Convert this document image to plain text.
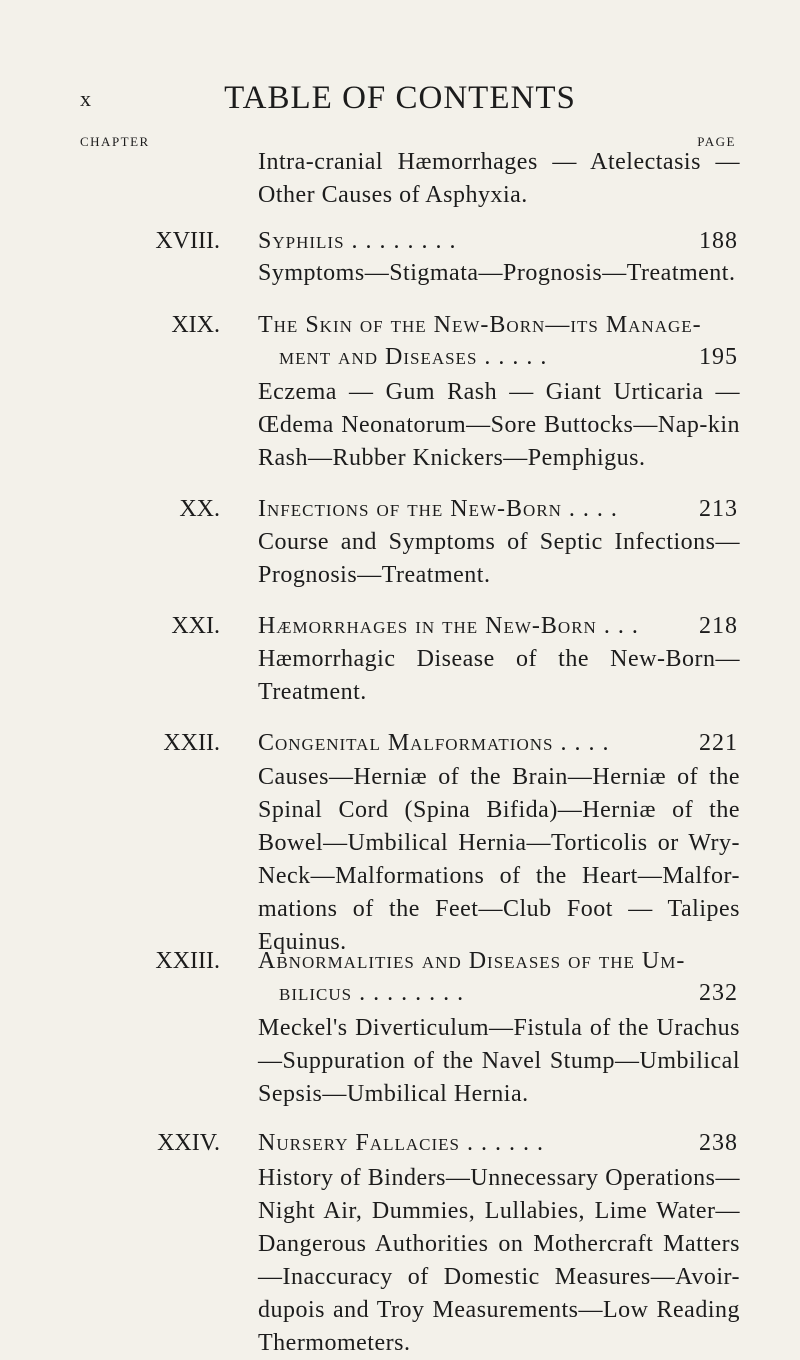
x	TABLE OF CONTENTS
CHAPTER	PAGE
Intra-cranial Hæmorrhages — Atelectasis — Other Causes of Asphyxia.
XVIII. Syphilis . . . . . . . .	188
Symptoms—Stigmata—Prognosis—Treatment.
XIX. The Skin of the New-Born—its Manage-
ment and Diseases . . . . .	195
Eczema — Gum Rash — Giant Urticaria — Œdema Neonatorum—Sore Buttocks—Nap-kin Rash—Rubber Knickers—Pemphigus.
XX. Infections of the New-Born . . . .	213
Course and Symptoms of Septic Infections—Prognosis—Treatment.
XXI. Hæmorrhages in the New-Born . . .	218
Hæmorrhagic Disease of the New-Born—Treatment.
XXII. Congenital Malformations . . . .	221
Causes—Herniæ of the Brain—Herniæ of the Spinal Cord (Spina Bifida)—Herniæ of the Bowel—Umbilical Hernia—Torticolis or Wry-Neck—Malformations of the Heart—Malfor-mations of the Feet—Club Foot — Talipes Equinus.
XXIII. Abnormalities and Diseases of the Um-
bilicus . . . . . . . .	232
Meckel's Diverticulum—Fistula of the Urachus —Suppuration of the Navel Stump—Umbilical Sepsis—Umbilical Hernia.
XXIV. Nursery Fallacies . . . . . .	238
History of Binders—Unnecessary Operations—Night Air, Dummies, Lullabies, Lime Water—Dangerous Authorities on Mothercraft Matters —Inaccuracy of Domestic Measures—Avoir-dupois and Troy Measurements—Low Reading Thermometers.
